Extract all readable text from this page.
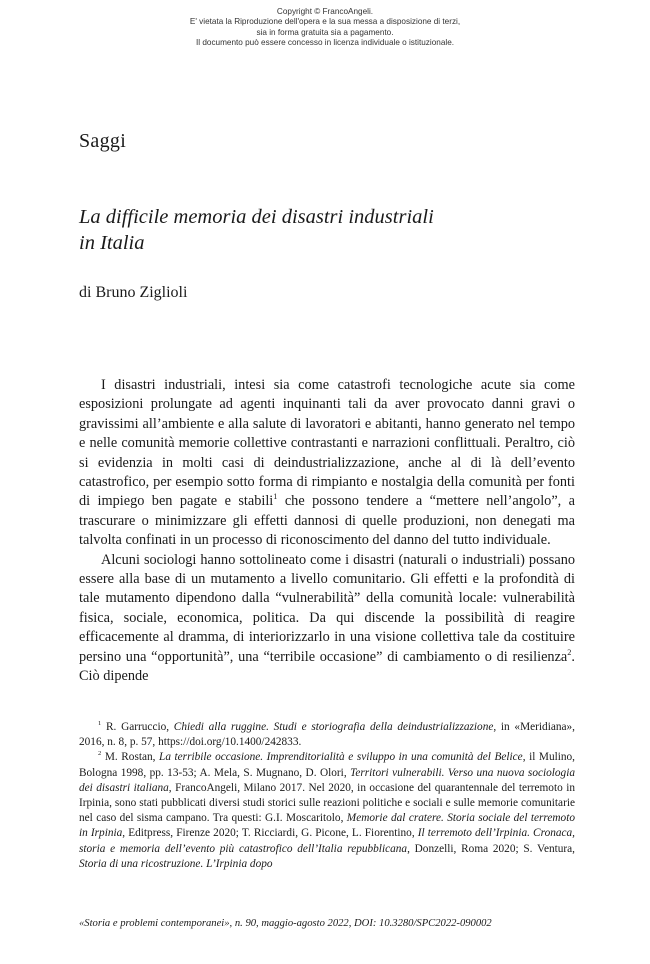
Copyright © FrancoAngeli.
E' vietata la Riproduzione dell'opera e la sua messa a disposizione di terzi,
sia in forma gratuita sia a pagamento.
Il documento può essere concesso in licenza individuale o istituzionale.
Saggi
La difficile memoria dei disastri industriali
in Italia
di Bruno Ziglioli

I disastri industriali, intesi sia come catastrofi tecnologiche acute sia come esposizioni prolungate ad agenti inquinanti tali da aver provocato danni gravi o gravissimi all’ambiente e alla salute di lavoratori e abitanti, hanno generato nel tempo e nelle comunità memorie collettive contrastanti e narrazioni conflittuali. Peraltro, ciò si evidenzia in molti casi di deindustrializzazione, anche al di là dell’evento catastrofico, per esempio sotto forma di rimpianto e nostalgia della comunità per fonti di impiego ben pagate e stabili$^1$ che possono tendere a “mettere nell’angolo”, a trascurare o minimizzare gli effetti dannosi di quelle produzioni, non denegati ma talvolta confinati in un processo di riconoscimento del danno del tutto individuale.

Alcuni sociologi hanno sottolineato come i disastri (naturali o industriali) possano essere alla base di un mutamento a livello comunitario. Gli effetti e la profondità di tale mutamento dipendono dalla “vulnerabilità” della comunità locale: vulnerabilità fisica, sociale, economica, politica. Da qui discende la possibilità di reagire efficacemente al dramma, di interiorizzarlo in una visione collettiva tale da costituire persino una “opportunità”, una “terribile occasione” di cambiamento o di resilienza$^2$. Ciò dipende

$^1$ R. Garruccio, Chiedi alla ruggine. Studi e storiografia della deindustrializzazione, in «Meridiana», 2016, n. 8, p. 57, https://doi.org/10.1400/242833.

$^2$ M. Rostan, La terribile occasione. Imprenditorialità e sviluppo in una comunità del Belice, il Mulino, Bologna 1998, pp. 13-53; A. Mela, S. Mugnano, D. Olori, Territori vulnerabili. Verso una nuova sociologia dei disastri italiana, FrancoAngeli, Milano 2017. Nel 2020, in occasione del quarantennale del terremoto in Irpinia, sono stati pubblicati diversi studi storici sulle reazioni politiche e sociali e sulle memorie comunitarie nel caso del sisma campano. Tra questi: G.I. Moscaritolo, Memorie dal cratere. Storia sociale del terremoto in Irpinia, Editpress, Firenze 2020; T. Ricciardi, G. Picone, L. Fiorentino, Il terremoto dell’Irpinia. Cronaca, storia e memoria dell’evento più catastrofico dell’Italia repubblicana, Donzelli, Roma 2020; S. Ventura, Storia di una ricostruzione. L’Irpinia dopo

«Storia e problemi contemporanei», n. 90, maggio-agosto 2022, DOI: 10.3280/SPC2022-090002
